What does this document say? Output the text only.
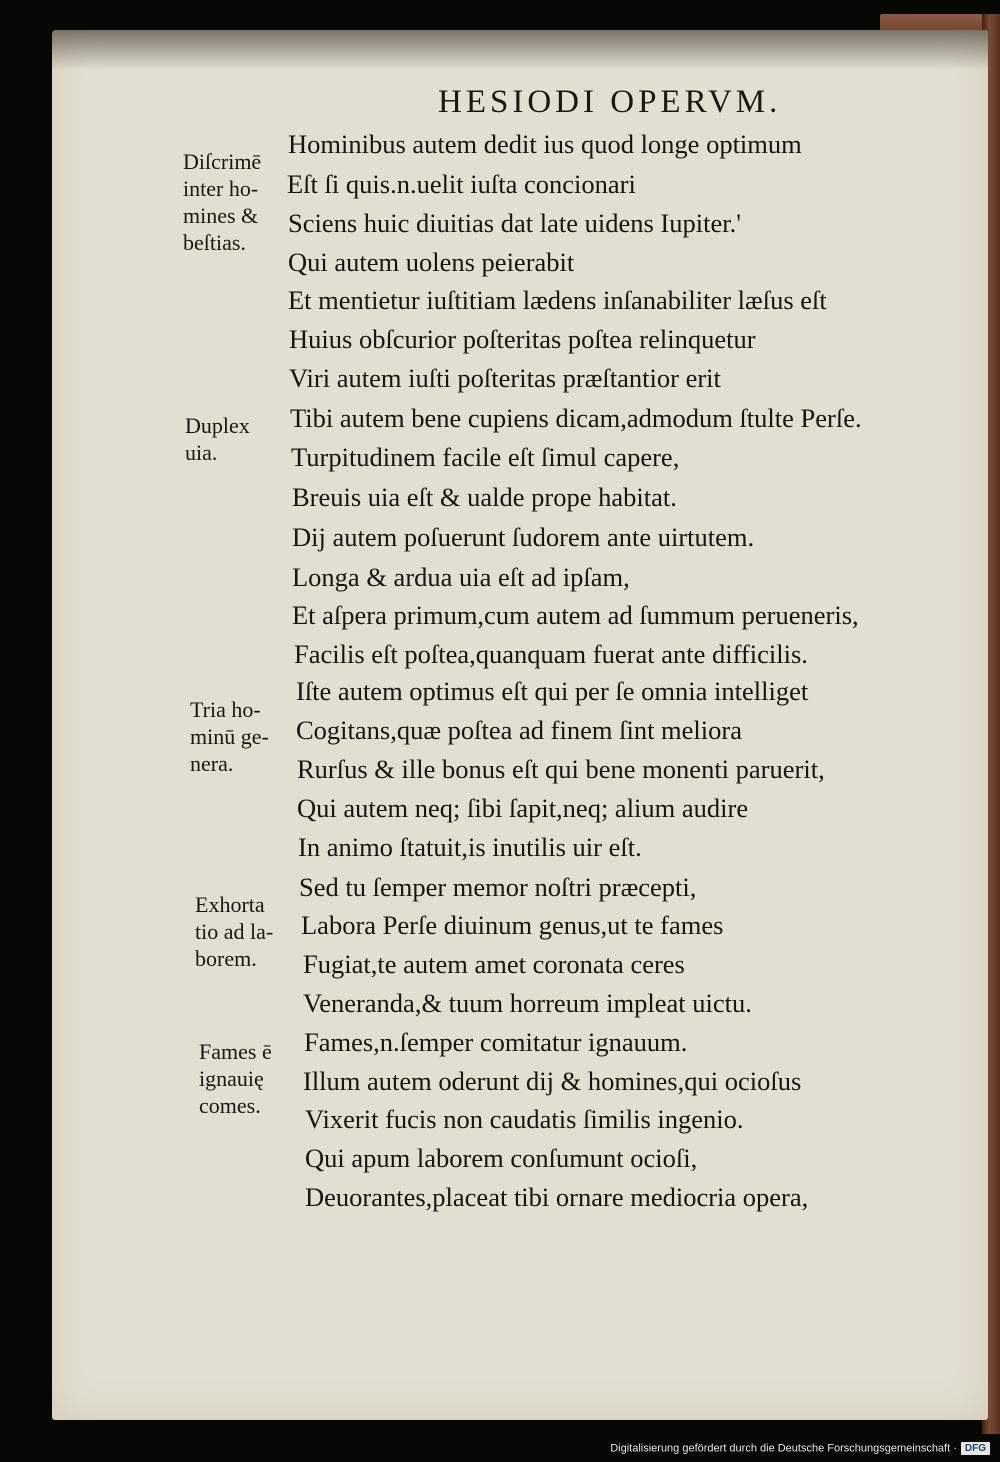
HESIODI OPERVM.
Hominibus autem dedit ius quod longe optimum
Eſt ſi quis.n.uelit iuſta concionari
Sciens huic diuitias dat late uidens Iupiter.'
Qui autem uolens peierabit
Et mentietur iuſtitiam lædens inſanabiliter læſus eſt
Huius obſcurior poſteritas poſtea relinquetur
Viri autem iuſti poſteritas præſtantior erit
Tibi autem bene cupiens dicam,admodum ſtulte Perſe.
Turpitudinem facile eſt ſimul capere,
Breuis uia eſt & ualde prope habitat.
Dij autem poſuerunt ſudorem ante uirtutem.
Longa & ardua uia eſt ad ipſam,
Et aſpera primum,cum autem ad ſummum perueneris,
Facilis eſt poſtea,quanquam fuerat ante difficilis.
Iſte autem optimus eſt qui per ſe omnia intelliget
Cogitans,quæ poſtea ad finem ſint meliora
Rurſus & ille bonus eſt qui bene monenti paruerit,
Qui autem neq; ſibi ſapit,neq; alium audire
In animo ſtatuit,is inutilis uir eſt.
Sed tu ſemper memor noſtri præcepti,
Labora Perſe diuinum genus,ut te fames
Fugiat,te autem amet coronata ceres
Veneranda,& tuum horreum impleat uictu.
Fames,n.ſemper comitatur ignauum.
Illum autem oderunt dij & homines,qui ocioſus
Vixerit fucis non caudatis ſimilis ingenio.
Qui apum laborem conſumunt ocioſi,
Deuorantes,placeat tibi ornare mediocria opera,
Diſcrimē
inter ho-
mines &
beſtias.
Duplex
uia.
Tria ho-
minū ge-
nera.
Exhorta
tio ad la-
borem.
Fames ē
ignauię
comes.
Digitalisierung gefördert durch die Deutsche Forschungsgemeinschaft · DFG
